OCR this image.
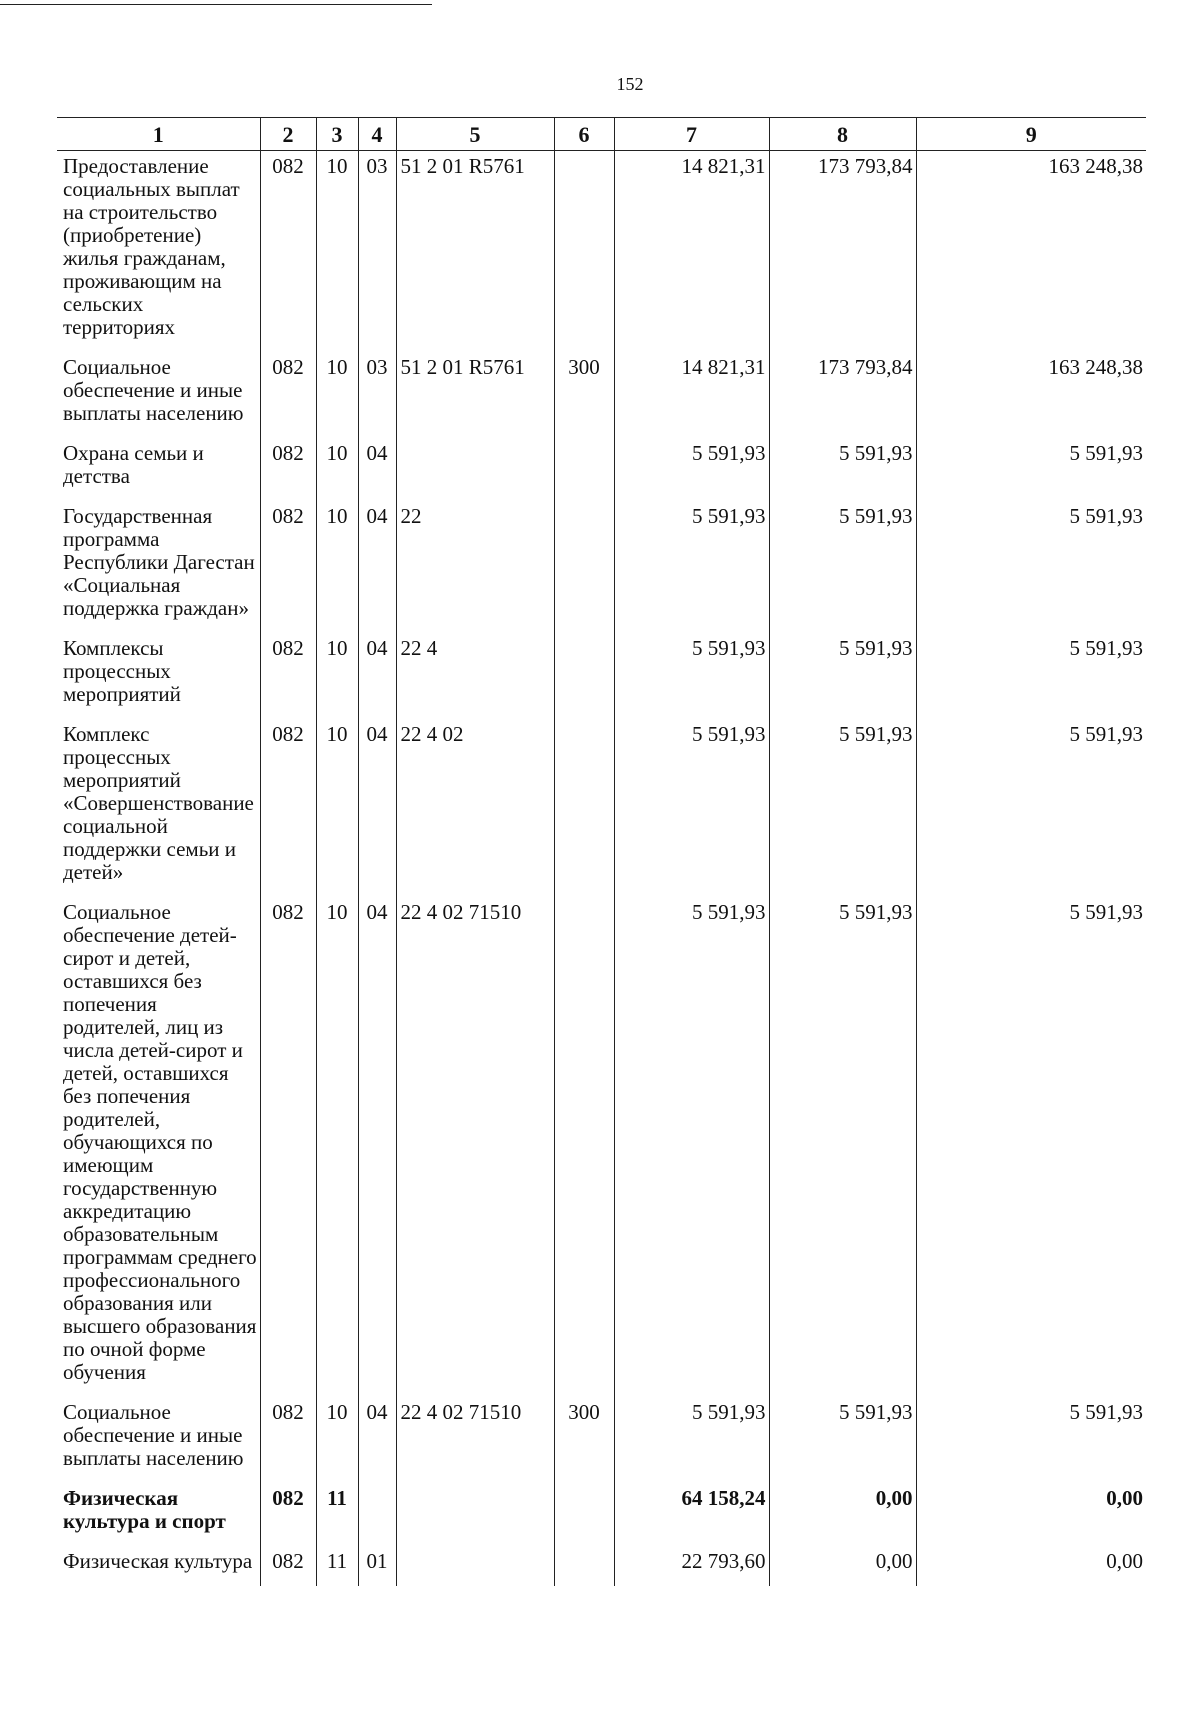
152
1	2	3	4	5	6	7	8	9
Предоставление социальных выплат на строительство (приобретение) жилья гражданам, проживающим на сельских территориях	082	10	03	51 2 01 R5761		14 821,31	173 793,84	163 248,38
Социальное обеспечение и иные выплаты населению	082	10	03	51 2 01 R5761	300	14 821,31	173 793,84	163 248,38
Охрана семьи и детства	082	10	04			5 591,93	5 591,93	5 591,93
Государственная программа Республики Дагестан «Социальная поддержка граждан»	082	10	04	22		5 591,93	5 591,93	5 591,93
Комплексы процессных мероприятий	082	10	04	22 4		5 591,93	5 591,93	5 591,93
Комплекс процессных мероприятий «Совершенствование социальной поддержки семьи и детей»	082	10	04	22 4 02		5 591,93	5 591,93	5 591,93
Социальное обеспечение детей-сирот и детей, оставшихся без попечения родителей, лиц из числа детей-сирот и детей, оставшихся без попечения родителей, обучающихся по имеющим государственную аккредитацию образовательным программам среднего профессионального образования или высшего образования по очной форме обучения	082	10	04	22 4 02 71510		5 591,93	5 591,93	5 591,93
Социальное обеспечение и иные выплаты населению	082	10	04	22 4 02 71510	300	5 591,93	5 591,93	5 591,93
Физическая культура и спорт	082	11				64 158,24	0,00	0,00
Физическая культура	082	11	01			22 793,60	0,00	0,00
